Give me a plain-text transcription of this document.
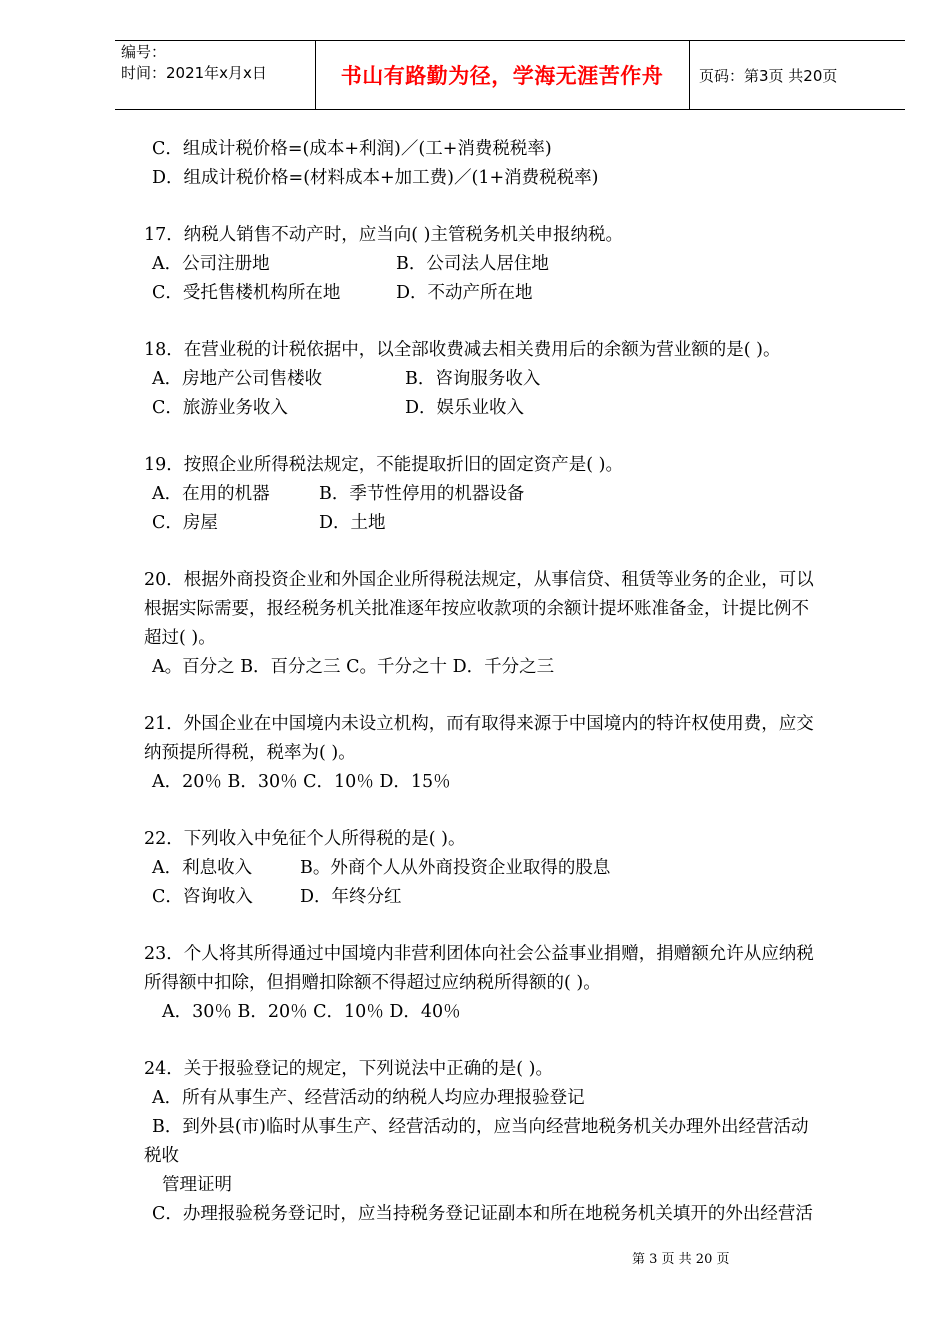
编号：
时间：2021年x月x日	书山有路勤为径，学海无涯苦作舟 页码：第3页 共20页
C．组成计税价格=(成本+利润)／(工+消费税税率)
D．组成计税价格=(材料成本+加工费)／(1+消费税税率)
17．纳税人销售不动产时，应当向( )主管税务机关申报纳税。
A．公司注册地	B．公司法人居住地
C．受托售楼机构所在地	D．不动产所在地
18．在营业税的计税依据中，以全部收费减去相关费用后的余额为营业额的是( )。
A．房地产公司售楼收	B．咨询服务收入
C．旅游业务收入	D．娱乐业收入
19．按照企业所得税法规定，不能提取折旧的固定资产是( )。
A．在用的机器	B．季节性停用的机器设备
C．房屋	D．土地
20．根据外商投资企业和外国企业所得税法规定，从事信贷、租赁等业务的企业，可以
根据实际需要，报经税务机关批准逐年按应收款项的余额计提坏账准备金，计提比例不
超过( )。
A。百分之 B．百分之三 C。千分之十 D．千分之三
21．外国企业在中国境内未设立机构，而有取得来源于中国境内的特许权使用费，应交
纳预提所得税，税率为( )。
A．20％ B．30％ C．10％ D．15％
22．下列收入中免征个人所得税的是( )。
A．利息收入	B。外商个人从外商投资企业取得的股息
C．咨询收入	D．年终分红
23．个人将其所得通过中国境内非营利团体向社会公益事业捐赠，捐赠额允许从应纳税
所得额中扣除，但捐赠扣除额不得超过应纳税所得额的( )。
A．30％ B．20％ C．10％ D．40％
24．关于报验登记的规定，下列说法中正确的是( )。
A．所有从事生产、经营活动的纳税人均应办理报验登记
B．到外县(市)临时从事生产、经营活动的，应当向经营地税务机关办理外出经营活动
税收
管理证明
C．办理报验税务登记时，应当持税务登记证副本和所在地税务机关填开的外出经营活
第 3 页 共 20 页
